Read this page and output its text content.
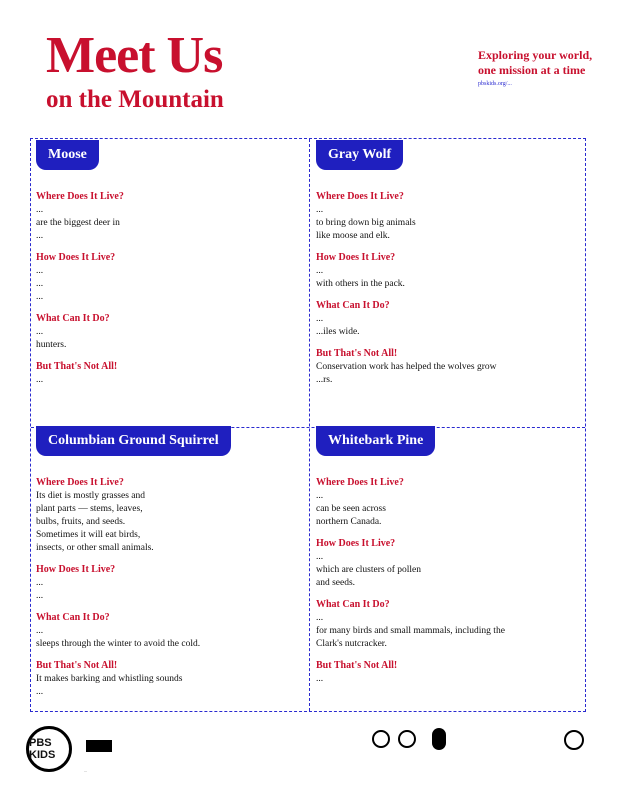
Meet Us
on the Mountain
Exploring your world,
one mission at a time
pbskids.org/...
Moose
Where Does It Live?
...
are the biggest deer in
...
How Does It Live?
...
...
...
What Can It Do?
...
hunters.
But That's Not All!
...
Gray Wolf
Where Does It Live?
...
to bring down big animals
like moose and elk.
How Does It Live?
...
with others in the pack.
What Can It Do?
...
...iles wide.
But That's Not All!
Conservation work has helped the wolves grow
...rs.
Columbian Ground Squirrel
Where Does It Live?
Its diet is mostly grasses and
plant parts — stems, leaves,
bulbs, fruits, and seeds.
Sometimes it will eat birds,
insects, or other small animals.
How Does It Live?
...
...
What Can It Do?
...
sleeps through the winter to avoid the cold.
But That's Not All!
It makes barking and whistling sounds
...
Whitebark Pine
Where Does It Live?
...
can be seen across
northern Canada.
How Does It Live?
...
which are clusters of pollen
and seeds.
What Can It Do?
...
for many birds and small mammals, including the
Clark's nutcracker.
But That's Not All!
...
PBS KIDS
...
